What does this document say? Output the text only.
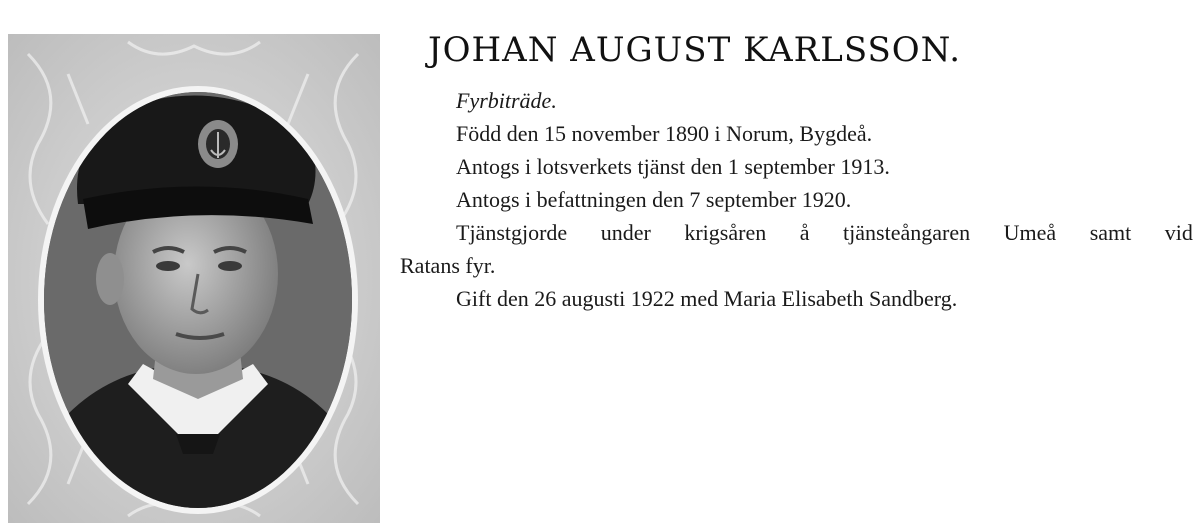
JOHAN AUGUST KARLSSON.

Fyrbiträde.

Född den 15 november 1890 i Norum, Bygdeå.

Antogs i lotsverkets tjänst den 1 september 1913.

Antogs i befattningen den 7 september 1920.

Tjänstgjorde under krigsåren å tjänsteångaren Umeå samt vid

Ratans fyr.

Gift den 26 augusti 1922 med Maria Elisabeth Sandberg.
